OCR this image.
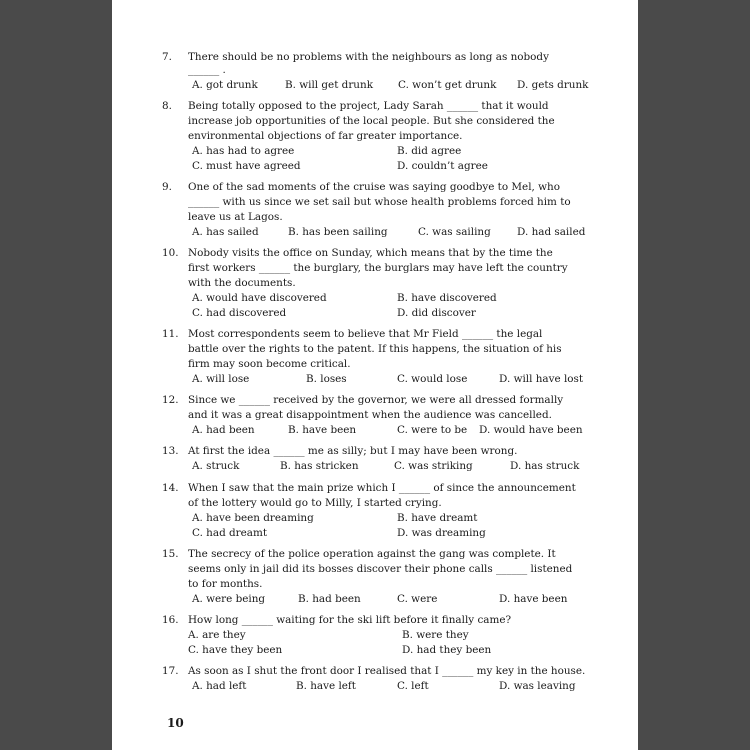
7. There should be no problems with the neighbours as long as nobody
______ .
A. got drunk	B. will get drunk C. won’t get drunk D. gets drunk
8. Being totally opposed to the project, Lady Sarah ______ that it would
increase job opportunities of the local people. But she considered the
environmental objections of far greater importance.
A. has had to agree	B. did agree
C. must have agreed	D. couldn’t agree
9. One of the sad moments of the cruise was saying goodbye to Mel, who
______ with us since we set sail but whose health problems forced him to
leave us at Lagos.
A. has sailed	B. has been sailing	C. was sailing	D. had sailed
10. Nobody visits the office on Sunday, which means that by the time the
first workers ______ the burglary, the burglars may have left the country
with the documents.
A. would have discovered	B. have discovered
C. had discovered	D. did discover
11. Most correspondents seem to believe that Mr Field ______ the legal
battle over the rights to the patent. If this happens, the situation of his
firm may soon become critical.
A. will lose	B. loses	C. would lose	D. will have lost
12. Since we ______ received by the governor, we were all dressed formally
and it was a great disappointment when the audience was cancelled.
A. had been	B. have been	C. were to be D. would have been
13. At first the idea ______ me as silly; but I may have been wrong.
A. struck	B. has stricken	C. was striking	D. has struck
14. When I saw that the main prize which I ______ of since the announcement
of the lottery would go to Milly, I started crying.
A. have been dreaming	B. have dreamt
C. had dreamt	D. was dreaming
15. The secrecy of the police operation against the gang was complete. It
seems only in jail did its bosses discover their phone calls ______ listened
to for months.
A. were being	B. had been	C. were	D. have been
16. How long ______ waiting for the ski lift before it finally came?
A. are they	B. were they
C. have they been	D. had they been
17. As soon as I shut the front door I realised that I ______ my key in the house.
A. had left	B. have left	C. left	D. was leaving
10
